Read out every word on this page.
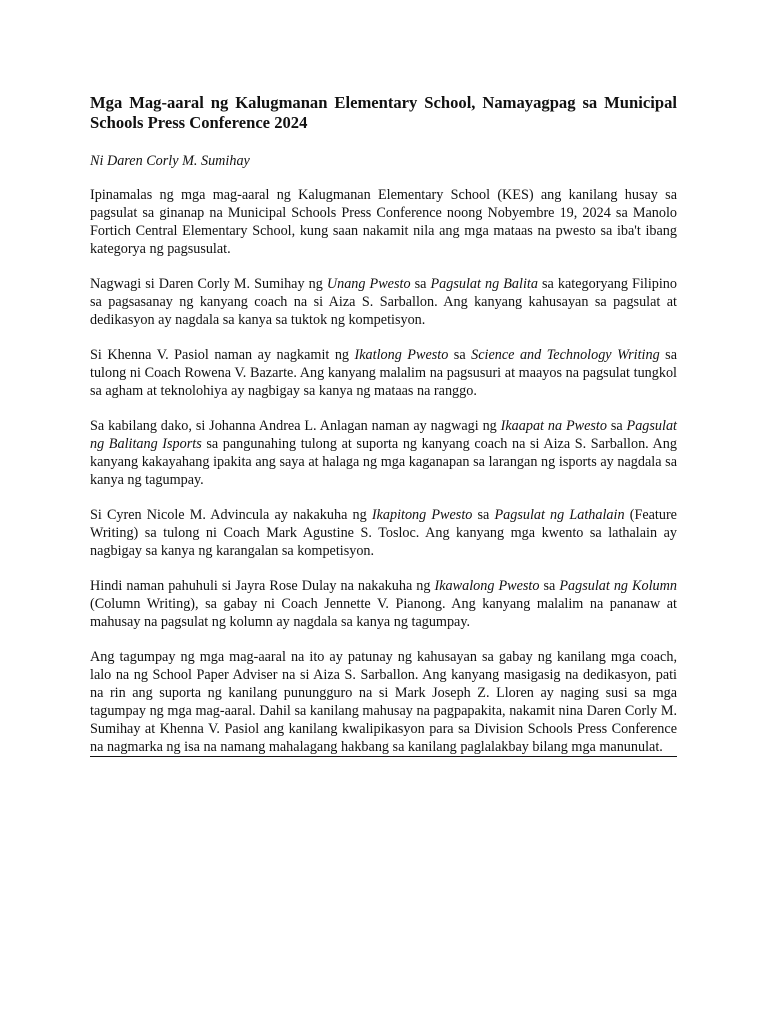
Mga Mag-aaral ng Kalugmanan Elementary School, Namayagpag sa Municipal Schools Press Conference 2024

Ni Daren Corly M. Sumihay

Ipinamalas ng mga mag-aaral ng Kalugmanan Elementary School (KES) ang kanilang husay sa pagsulat sa ginanap na Municipal Schools Press Conference noong Nobyembre 19, 2024 sa Manolo Fortich Central Elementary School, kung saan nakamit nila ang mga mataas na pwesto sa iba't ibang kategorya ng pagsusulat.

Nagwagi si Daren Corly M. Sumihay ng Unang Pwesto sa Pagsulat ng Balita sa kategoryang Filipino sa pagsasanay ng kanyang coach na si Aiza S. Sarballon. Ang kanyang kahusayan sa pagsulat at dedikasyon ay nagdala sa kanya sa tuktok ng kompetisyon.

Si Khenna V. Pasiol naman ay nagkamit ng Ikatlong Pwesto sa Science and Technology Writing sa tulong ni Coach Rowena V. Bazarte. Ang kanyang malalim na pagsusuri at maayos na pagsulat tungkol sa agham at teknolohiya ay nagbigay sa kanya ng mataas na ranggo.

Sa kabilang dako, si Johanna Andrea L. Anlagan naman ay nagwagi ng Ikaapat na Pwesto sa Pagsulat ng Balitang Isports sa pangunahing tulong at suporta ng kanyang coach na si Aiza S. Sarballon. Ang kanyang kakayahang ipakita ang saya at halaga ng mga kaganapan sa larangan ng isports ay nagdala sa kanya ng tagumpay.

Si Cyren Nicole M. Advincula ay nakakuha ng Ikapitong Pwesto sa Pagsulat ng Lathalain (Feature Writing) sa tulong ni Coach Mark Agustine S. Tosloc. Ang kanyang mga kwento sa lathalain ay nagbigay sa kanya ng karangalan sa kompetisyon.

Hindi naman pahuhuli si Jayra Rose Dulay na nakakuha ng Ikawalong Pwesto sa Pagsulat ng Kolumn (Column Writing), sa gabay ni Coach Jennette V. Pianong. Ang kanyang malalim na pananaw at mahusay na pagsulat ng kolumn ay nagdala sa kanya ng tagumpay.

Ang tagumpay ng mga mag-aaral na ito ay patunay ng kahusayan sa gabay ng kanilang mga coach, lalo na ng School Paper Adviser na si Aiza S. Sarballon. Ang kanyang masigasig na dedikasyon, pati na rin ang suporta ng kanilang punungguro na si Mark Joseph Z. Lloren ay naging susi sa mga tagumpay ng mga mag-aaral. Dahil sa kanilang mahusay na pagpapakita, nakamit nina Daren Corly M. Sumihay at Khenna V. Pasiol ang kanilang kwalipikasyon para sa Division Schools Press Conference na nagmarka ng isa na namang mahalagang hakbang sa kanilang paglalakbay bilang mga manunulat.
